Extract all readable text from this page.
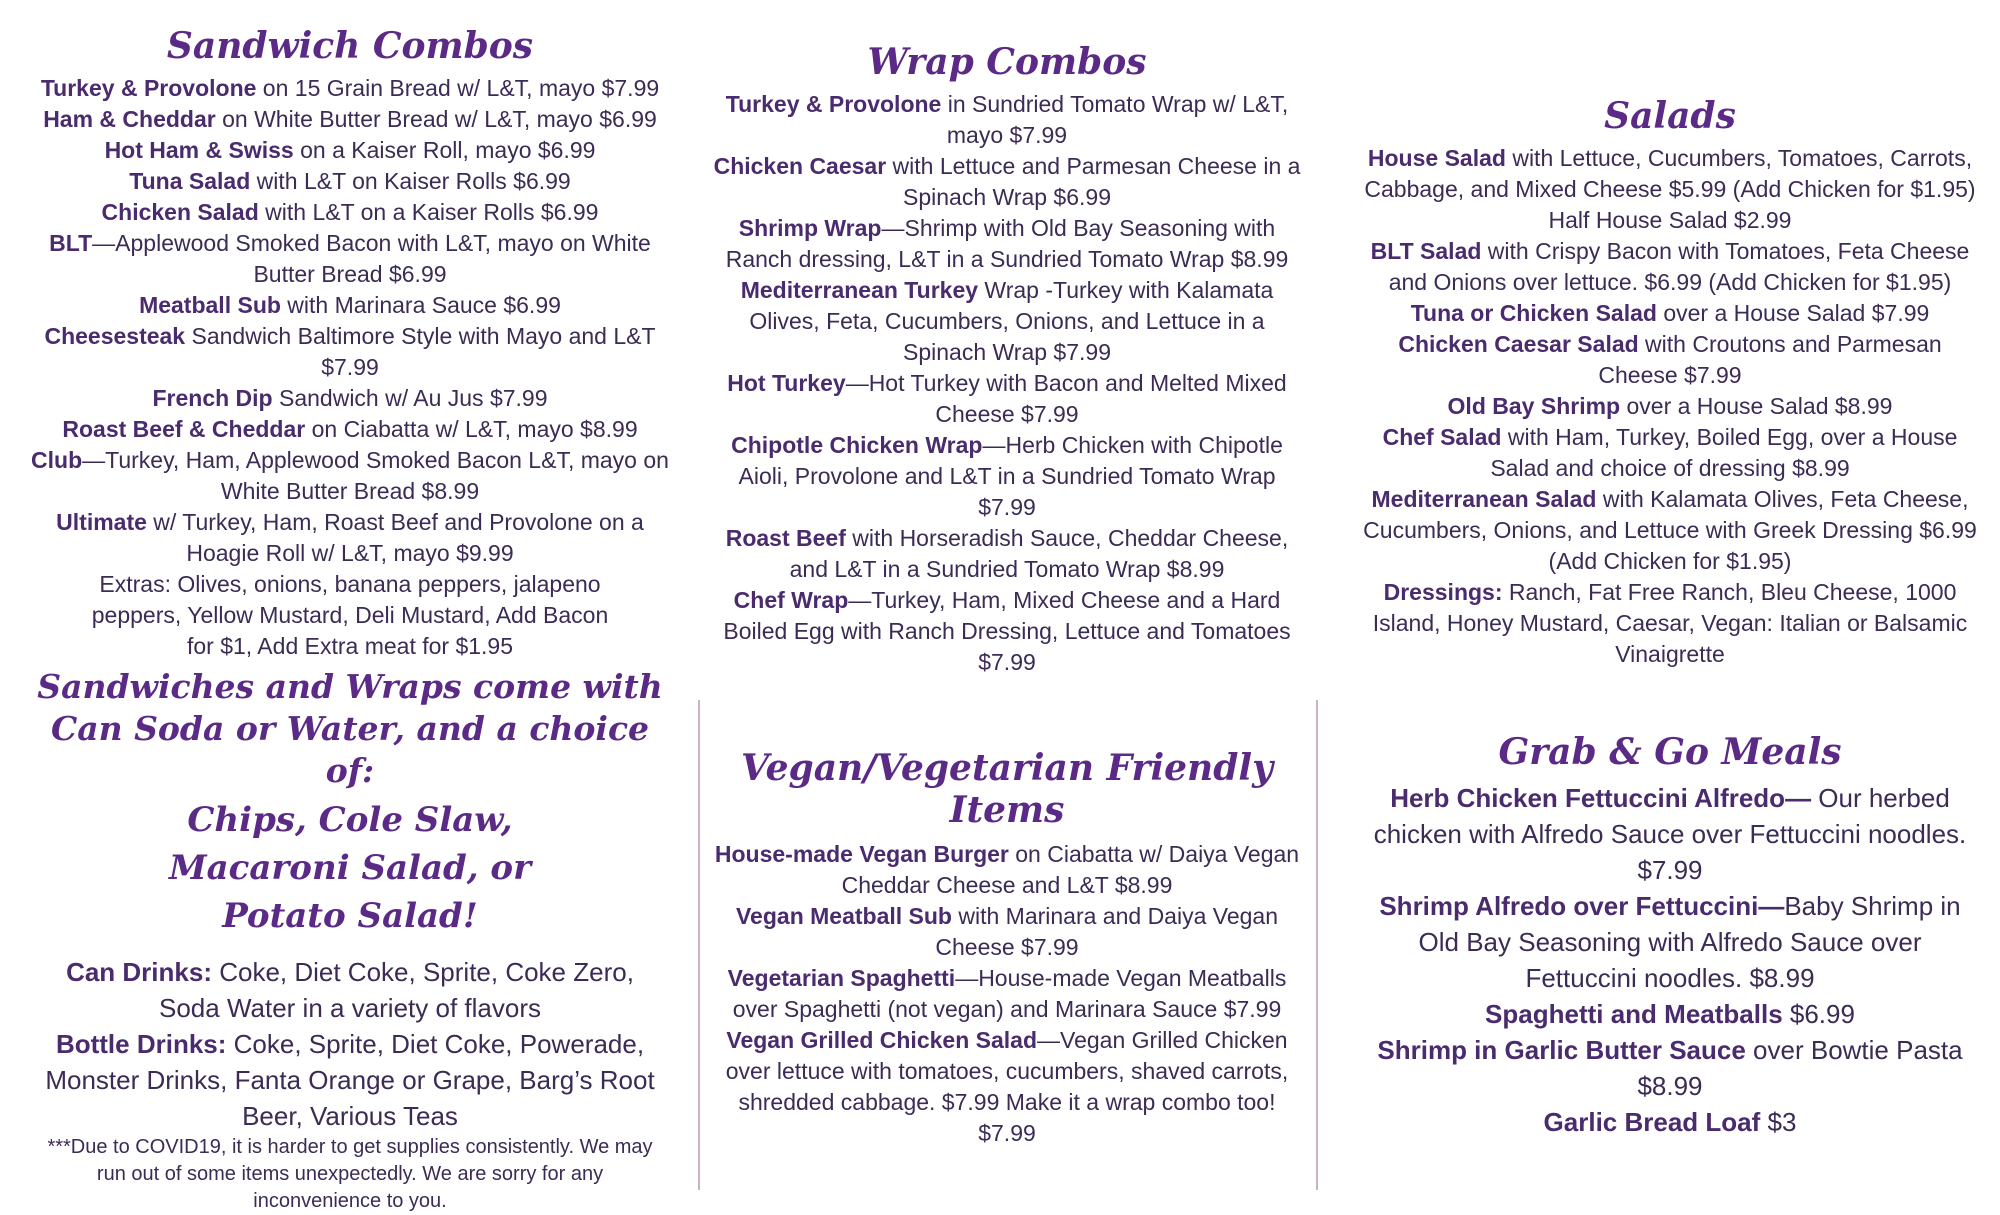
Sandwich Combos

Turkey & Provolone on 15 Grain Bread w/ L&T, mayo $7.99

Ham & Cheddar on White Butter Bread w/ L&T, mayo $6.99

Hot Ham & Swiss on a Kaiser Roll, mayo $6.99

Tuna Salad with L&T on Kaiser Rolls $6.99

Chicken Salad with L&T on a Kaiser Rolls $6.99

BLT—Applewood Smoked Bacon with L&T, mayo on White Butter Bread $6.99

Meatball Sub with Marinara Sauce $6.99

Cheesesteak Sandwich Baltimore Style with Mayo and L&T $7.99

French Dip Sandwich w/ Au Jus $7.99

Roast Beef & Cheddar on Ciabatta w/ L&T, mayo $8.99

Club—Turkey, Ham, Applewood Smoked Bacon L&T, mayo on White Butter Bread $8.99

Ultimate w/ Turkey, Ham, Roast Beef and Provolone on a Hoagie Roll w/ L&T, mayo $9.99

Extras: Olives, onions, banana peppers, jalapeno peppers, Yellow Mustard, Deli Mustard, Add Bacon for $1, Add Extra meat for $1.95

Sandwiches and Wraps come with Can Soda or Water, and a choice of:
Chips, Cole Slaw, Macaroni Salad, or Potato Salad!

Can Drinks: Coke, Diet Coke, Sprite, Coke Zero, Soda Water in a variety of flavors

Bottle Drinks: Coke, Sprite, Diet Coke, Powerade, Monster Drinks, Fanta Orange or Grape, Barg’s Root Beer, Various Teas

***Due to COVID19, it is harder to get supplies consistently. We may run out of some items unexpectedly. We are sorry for any inconvenience to you.

Wrap Combos

Turkey & Provolone in Sundried Tomato Wrap w/ L&T, mayo $7.99

Chicken Caesar with Lettuce and Parmesan Cheese in a Spinach Wrap $6.99

Shrimp Wrap—Shrimp with Old Bay Seasoning with Ranch dressing, L&T in a Sundried Tomato Wrap $8.99

Mediterranean Turkey Wrap -Turkey with Kalamata Olives, Feta, Cucumbers, Onions, and Lettuce in a Spinach Wrap $7.99

Hot Turkey—Hot Turkey with Bacon and Melted Mixed Cheese $7.99

Chipotle Chicken Wrap—Herb Chicken with Chipotle Aioli, Provolone and L&T in a Sundried Tomato Wrap $7.99

Roast Beef with Horseradish Sauce, Cheddar Cheese, and L&T in a Sundried Tomato Wrap $8.99

Chef Wrap—Turkey, Ham, Mixed Cheese and a Hard Boiled Egg with Ranch Dressing, Lettuce and Tomatoes $7.99

Vegan/Vegetarian Friendly Items

House-made Vegan Burger on Ciabatta w/ Daiya Vegan Cheddar Cheese and L&T $8.99

Vegan Meatball Sub with Marinara and Daiya Vegan Cheese $7.99

Vegetarian Spaghetti—House-made Vegan Meatballs over Spaghetti (not vegan) and Marinara Sauce $7.99

Vegan Grilled Chicken Salad—Vegan Grilled Chicken over lettuce with tomatoes, cucumbers, shaved carrots, shredded cabbage. $7.99 Make it a wrap combo too! $7.99

Salads

House Salad with Lettuce, Cucumbers, Tomatoes, Carrots, Cabbage, and Mixed Cheese $5.99 (Add Chicken for $1.95) Half House Salad $2.99

BLT Salad with Crispy Bacon with Tomatoes, Feta Cheese and Onions over lettuce. $6.99 (Add Chicken for $1.95)

Tuna or Chicken Salad over a House Salad $7.99

Chicken Caesar Salad with Croutons and Parmesan Cheese $7.99

Old Bay Shrimp over a House Salad $8.99

Chef Salad with Ham, Turkey, Boiled Egg, over a House Salad and choice of dressing $8.99

Mediterranean Salad with Kalamata Olives, Feta Cheese, Cucumbers, Onions, and Lettuce with Greek Dressing $6.99 (Add Chicken for $1.95)

Dressings: Ranch, Fat Free Ranch, Bleu Cheese, 1000 Island, Honey Mustard, Caesar, Vegan: Italian or Balsamic Vinaigrette

Grab & Go Meals

Herb Chicken Fettuccini Alfredo— Our herbed chicken with Alfredo Sauce over Fettuccini noodles. $7.99

Shrimp Alfredo over Fettuccini—Baby Shrimp in Old Bay Seasoning with Alfredo Sauce over Fettuccini noodles. $8.99

Spaghetti and Meatballs $6.99

Shrimp in Garlic Butter Sauce over Bowtie Pasta $8.99

Garlic Bread Loaf $3
